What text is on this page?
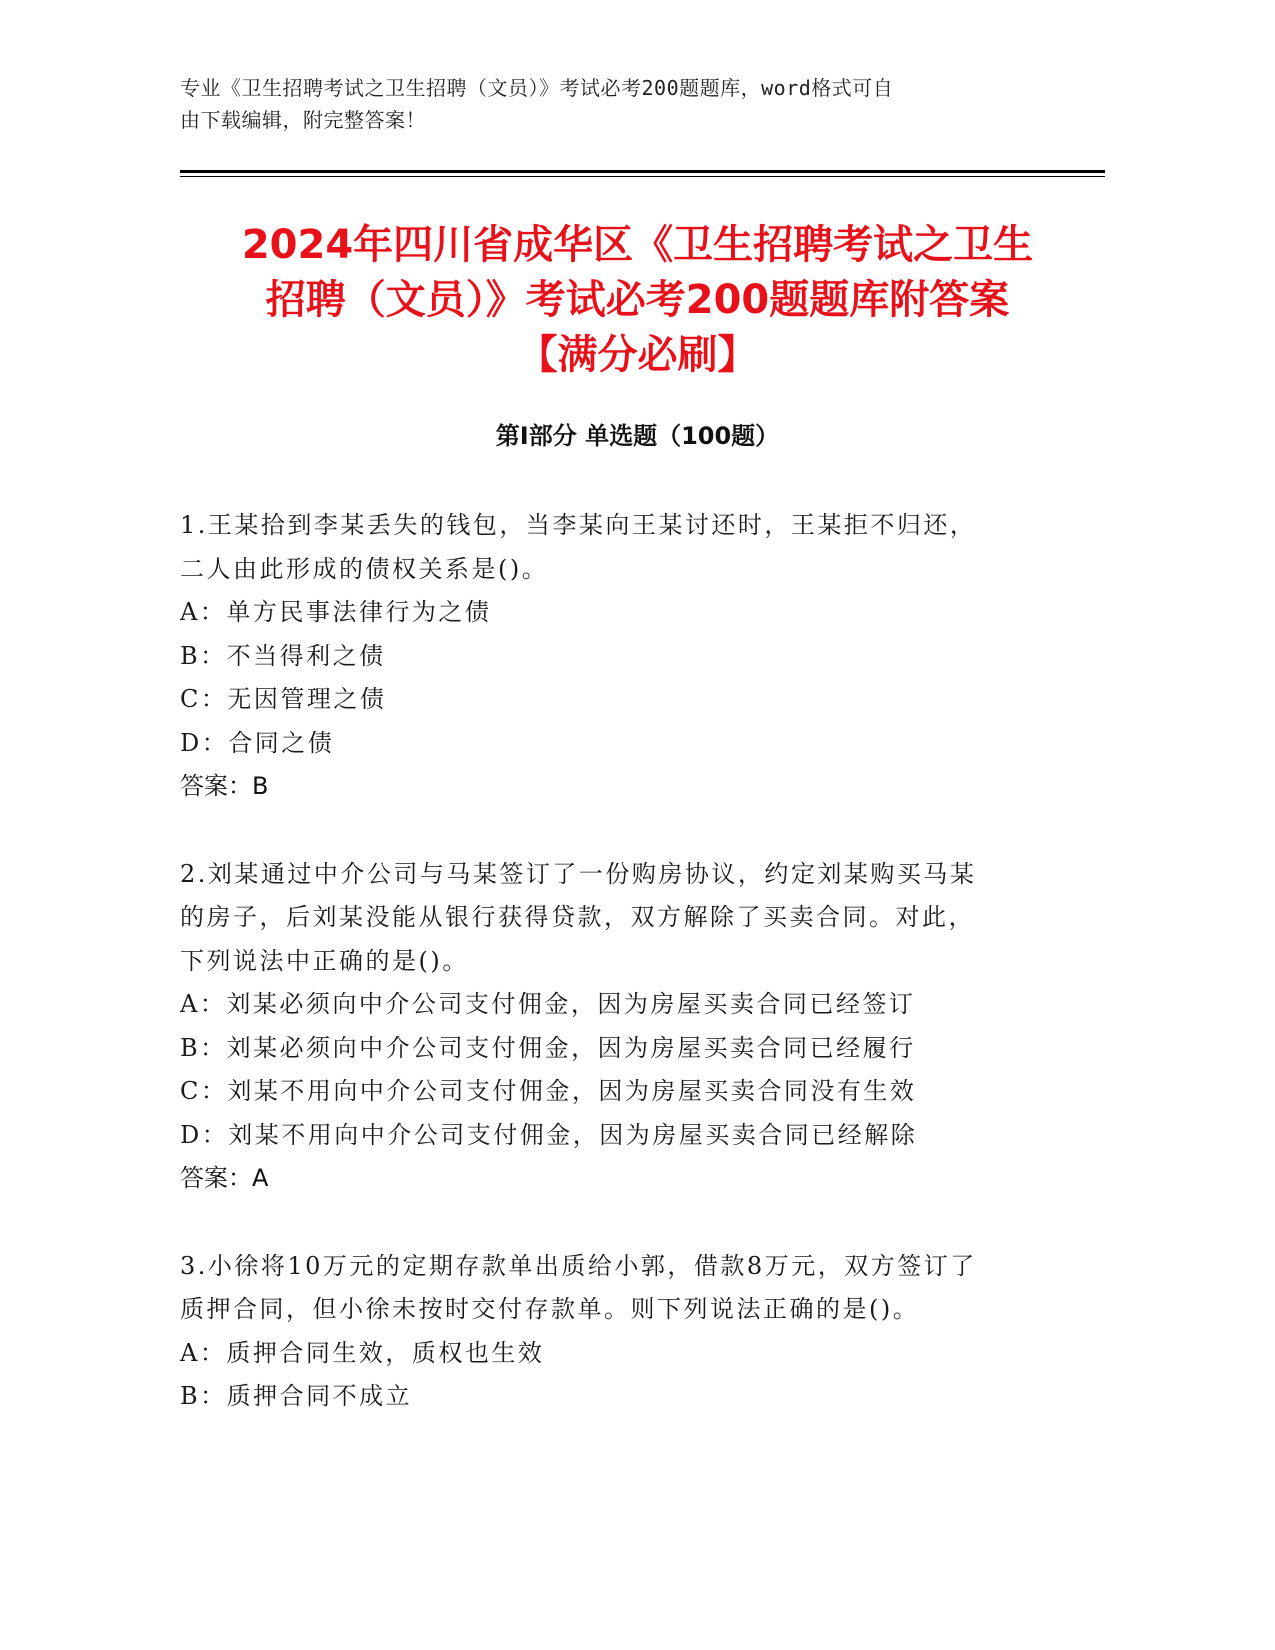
专业《卫生招聘考试之卫生招聘（文员）》考试必考200题题库，word格式可自
由下载编辑，附完整答案！
2024年四川省成华区《卫生招聘考试之卫生
招聘（文员）》考试必考200题题库附答案
【满分必刷】
第Ⅰ部分 单选题（100题）
1.王某拾到李某丢失的钱包，当李某向王某讨还时，王某拒不归还，
二人由此形成的债权关系是()。
A：单方民事法律行为之债
B：不当得利之债
C：无因管理之债
D：合同之债
答案：B
2.刘某通过中介公司与马某签订了一份购房协议，约定刘某购买马某
的房子，后刘某没能从银行获得贷款，双方解除了买卖合同。对此，
下列说法中正确的是()。
A：刘某必须向中介公司支付佣金，因为房屋买卖合同已经签订
B：刘某必须向中介公司支付佣金，因为房屋买卖合同已经履行
C：刘某不用向中介公司支付佣金，因为房屋买卖合同没有生效
D：刘某不用向中介公司支付佣金，因为房屋买卖合同已经解除
答案：A
3.小徐将10万元的定期存款单出质给小郭，借款8万元，双方签订了
质押合同，但小徐未按时交付存款单。则下列说法正确的是()。
A：质押合同生效，质权也生效
B：质押合同不成立
